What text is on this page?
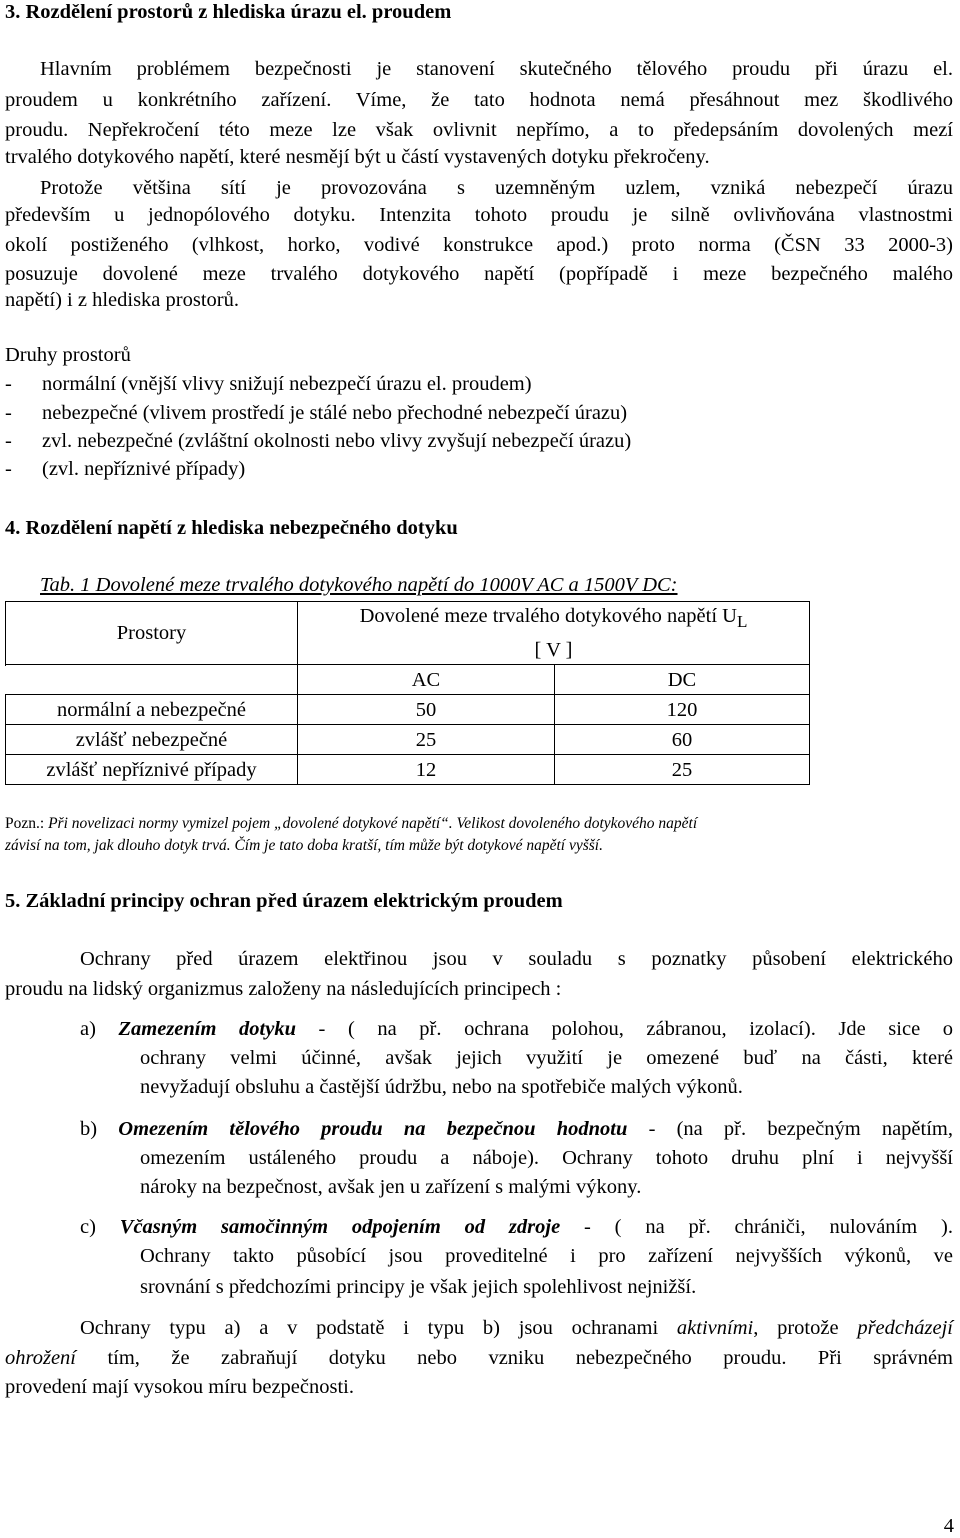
3. Rozdělení prostorů z hlediska úrazu el. proudem
Hlavním problémem bezpečnosti je stanovení skutečného tělového proudu při úrazu el.
proudem u konkrétního zařízení. Víme, že tato hodnota nemá přesáhnout mez škodlivého
proudu. Nepřekročení této meze lze však ovlivnit nepřímo, a to předepsáním dovolených mezí
trvalého dotykového napětí, které nesmějí být u částí vystavených dotyku překročeny.
Protože většina sítí je provozována s uzemněným uzlem, vzniká nebezpečí úrazu
především u jednopólového dotyku. Intenzita tohoto proudu je silně ovlivňována vlastnostmi
okolí postiženého (vlhkost, horko, vodivé konstrukce apod.) proto norma (ČSN 33 2000-3)
posuzuje dovolené meze trvalého dotykového napětí (popřípadě i meze bezpečného malého
napětí) i z hlediska prostorů.
Druhy prostorů
- normální (vnější vlivy snižují nebezpečí úrazu el. proudem)
- nebezpečné (vlivem prostředí je stálé nebo přechodné nebezpečí úrazu)
- zvl. nebezpečné (zvláštní okolnosti nebo vlivy zvyšují nebezpečí úrazu)
- (zvl. nepříznivé případy)
4. Rozdělení napětí z hlediska nebezpečného dotyku
Tab. 1 Dovolené meze trvalého dotykového napětí do 1000V AC a 1500V DC:
Prostory	Dovolené meze trvalého dotykového napětí $U_L$
[ V ]	

	AC	DC
normální a nebezpečné	50	120
zvlášť nebezpečné	25	60
zvlášť nepříznivé případy	12	25
Pozn.: Při novelizaci normy vymizel pojem „dovolené dotykové napětí“. Velikost dovoleného dotykového napětí
závisí na tom, jak dlouho dotyk trvá. Čím je tato doba kratší, tím může být dotykové napětí vyšší.
5. Základní principy ochran před úrazem elektrickým proudem
Ochrany před úrazem elektřinou jsou v souladu s poznatky působení elektrického
proudu na lidský organizmus založeny na následujících principech :
a) Zamezením dotyku - ( na př. ochrana polohou, zábranou, izolací). Jde sice o
ochrany velmi účinné, avšak jejich využití je omezené buď na části, které
nevyžadují obsluhu a častější údržbu, nebo na spotřebiče malých výkonů.
b) Omezením tělového proudu na bezpečnou hodnotu - (na př. bezpečným napětím,
omezením ustáleného proudu a náboje). Ochrany tohoto druhu plní i nejvyšší
nároky na bezpečnost, avšak jen u zařízení s malými výkony.
c) Včasným samočinným odpojením od zdroje - ( na př. chrániči, nulováním ).
Ochrany takto působící jsou proveditelné i pro zařízení nejvyšších výkonů, ve
srovnání s předchozími principy je však jejich spolehlivost nejnižší.
Ochrany typu a) a v podstatě i typu b) jsou ochranami aktivními, protože předcházejí
ohrožení tím, že zabraňují dotyku nebo vzniku nebezpečného proudu. Při správném
provedení mají vysokou míru bezpečnosti.
4
